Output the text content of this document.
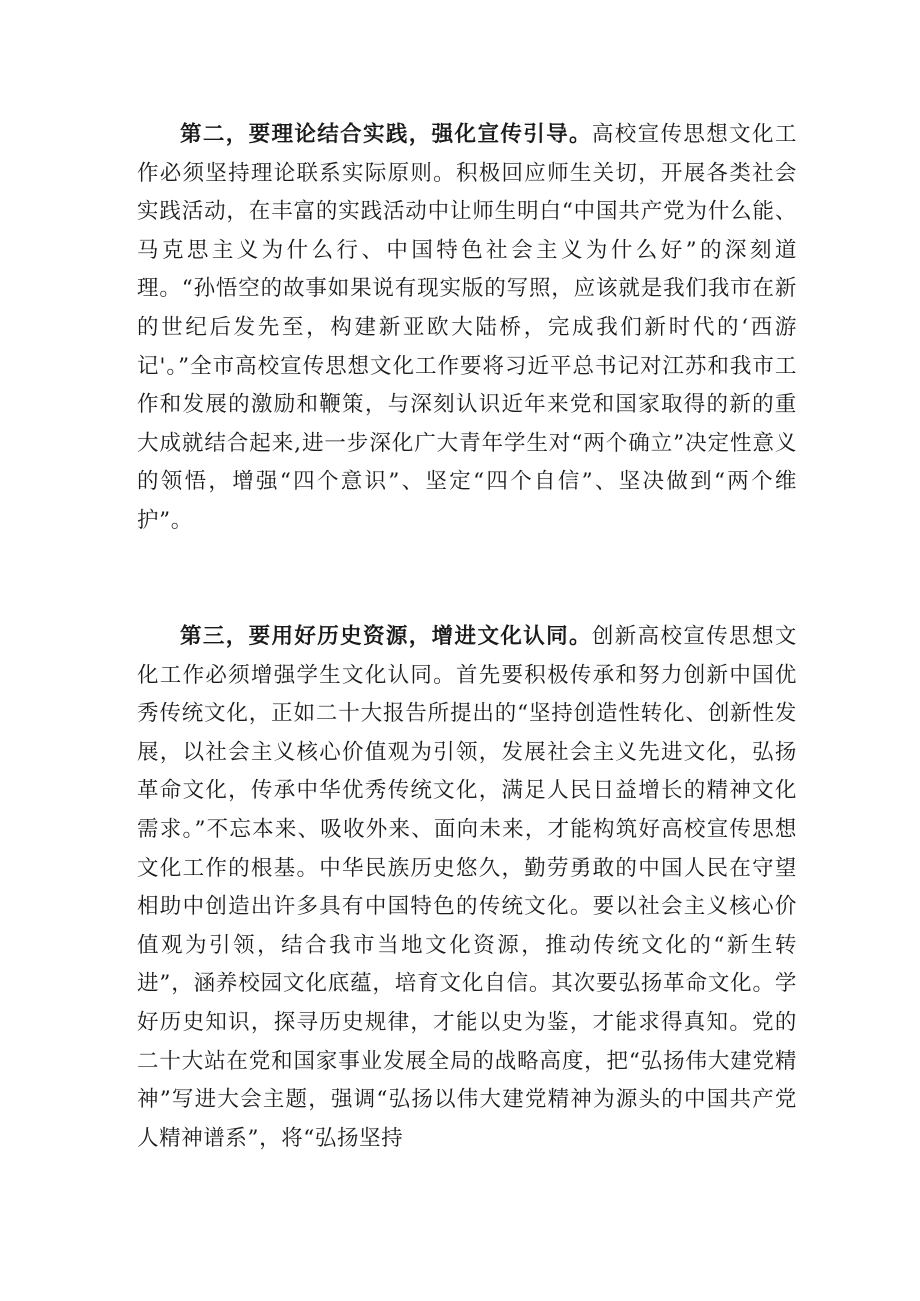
第二，要理论结合实践，强化宣传引导。高校宣传思想文化工作必须坚持理论联系实际原则。积极回应师生关切，开展各类社会实践活动，在丰富的实践活动中让师生明白“中国共产党为什么能、马克思主义为什么行、中国特色社会主义为什么好”的深刻道理。“孙悟空的故事如果说有现实版的写照，应该就是我们我市在新的世纪后发先至，构建新亚欧大陆桥，完成我们新时代的‘西游记'。”全市高校宣传思想文化工作要将习近平总书记对江苏和我市工作和发展的激励和鞭策，与深刻认识近年来党和国家取得的新的重大成就结合起来,进一步深化广大青年学生对“两个确立”决定性意义的领悟，增强“四个意识”、坚定“四个自信”、坚决做到“两个维护”。

第三，要用好历史资源，增进文化认同。创新高校宣传思想文化工作必须增强学生文化认同。首先要积极传承和努力创新中国优秀传统文化，正如二十大报告所提出的“坚持创造性转化、创新性发展，以社会主义核心价值观为引领，发展社会主义先进文化，弘扬革命文化，传承中华优秀传统文化，满足人民日益增长的精神文化需求。”不忘本来、吸收外来、面向未来，才能构筑好高校宣传思想文化工作的根基。中华民族历史悠久，勤劳勇敢的中国人民在守望相助中创造出许多具有中国特色的传统文化。要以社会主义核心价值观为引领，结合我市当地文化资源，推动传统文化的“新生转进”，涵养校园文化底蕴，培育文化自信。其次要弘扬革命文化。学好历史知识，探寻历史规律，才能以史为鉴，才能求得真知。党的二十大站在党和国家事业发展全局的战略高度，把“弘扬伟大建党精神”写进大会主题，强调“弘扬以伟大建党精神为源头的中国共产党人精神谱系”，将“弘扬坚持
